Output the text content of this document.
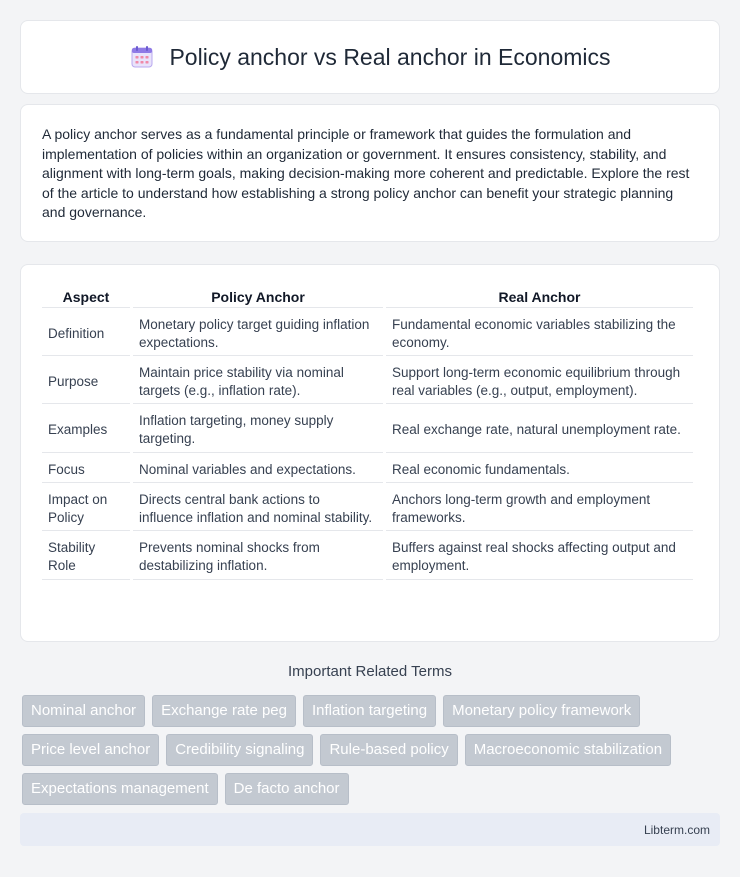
Policy anchor vs Real anchor in Economics

A policy anchor serves as a fundamental principle or framework that guides the formulation and implementation of policies within an organization or government. It ensures consistency, stability, and alignment with long-term goals, making decision-making more coherent and predictable. Explore the rest of the article to understand how establishing a strong policy anchor can benefit your strategic planning and governance.

Aspect	Policy Anchor	Real Anchor
Definition	Monetary policy target guiding inflation expectations.	Fundamental economic variables stabilizing the economy.
Purpose	Maintain price stability via nominal targets (e.g., inflation rate).	Support long-term economic equilibrium through real variables (e.g., output, employment).
Examples	Inflation targeting, money supply targeting.	Real exchange rate, natural unemployment rate.
Focus	Nominal variables and expectations.	Real economic fundamentals.
Impact on Policy	Directs central bank actions to influence inflation and nominal stability.	Anchors long-term growth and employment frameworks.
Stability Role	Prevents nominal shocks from destabilizing inflation.	Buffers against real shocks affecting output and employment.
Important Related Terms
Nominal anchor	Exchange rate peg	Inflation targeting	Monetary policy framework
Price level anchor	Credibility signaling	Rule-based policy	Macroeconomic stabilization
Expectations management	De facto anchor
Libterm.com
